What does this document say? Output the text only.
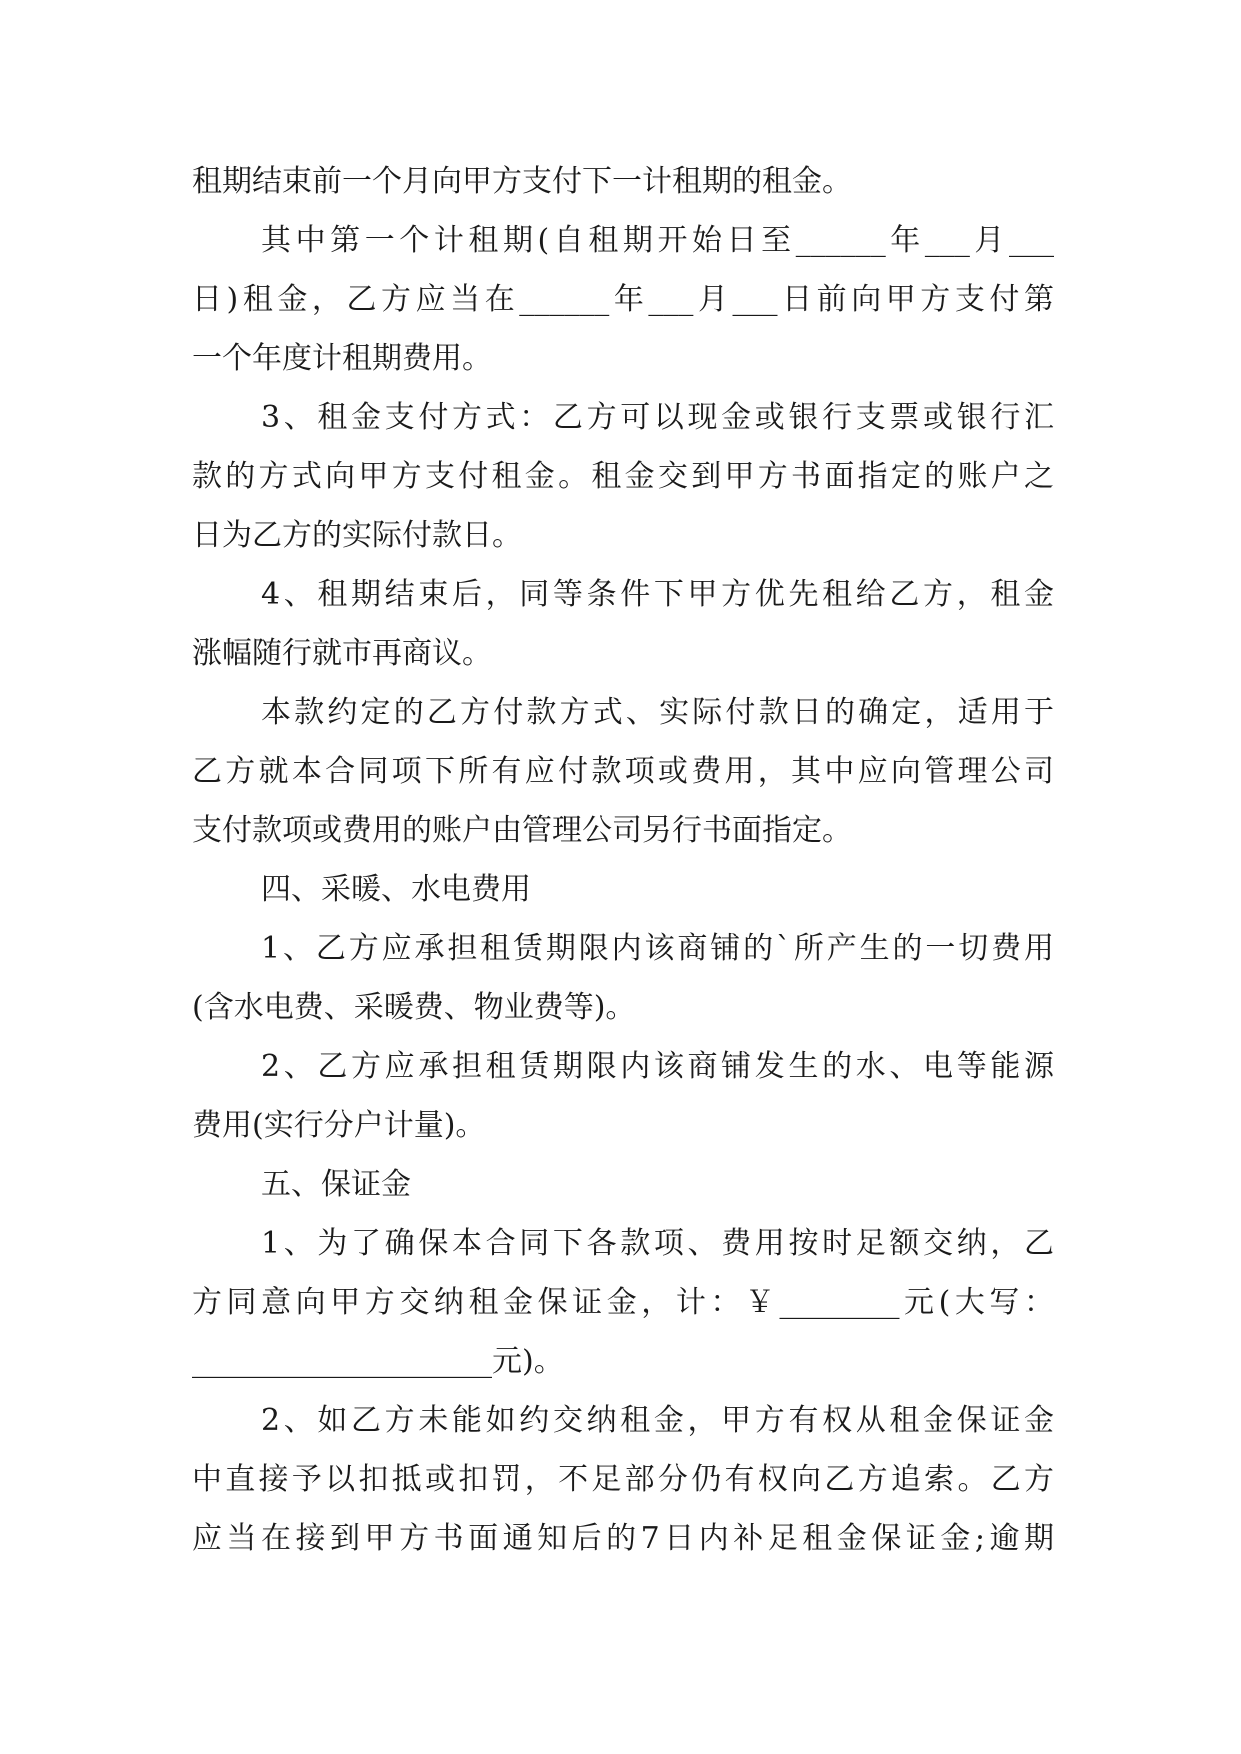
租期结束前一个月向甲方支付下一计租期的租金。
其中第一个计租期(自租期开始日至______年___月___
日)租金，乙方应当在______年___月___日前向甲方支付第
一个年度计租期费用。
3、租金支付方式：乙方可以现金或银行支票或银行汇
款的方式向甲方支付租金。租金交到甲方书面指定的账户之
日为乙方的实际付款日。
4、租期结束后，同等条件下甲方优先租给乙方，租金
涨幅随行就市再商议。
本款约定的乙方付款方式、实际付款日的确定，适用于
乙方就本合同项下所有应付款项或费用，其中应向管理公司
支付款项或费用的账户由管理公司另行书面指定。
四、采暖、水电费用
1、乙方应承担租赁期限内该商铺的`所产生的一切费用
(含水电费、采暖费、物业费等)。
2、乙方应承担租赁期限内该商铺发生的水、电等能源
费用(实行分户计量)。
五、保证金
1、为了确保本合同下各款项、费用按时足额交纳，乙
方同意向甲方交纳租金保证金，计：￥________元(大写：
____________________元)。
2、如乙方未能如约交纳租金，甲方有权从租金保证金
中直接予以扣抵或扣罚，不足部分仍有权向乙方追索。乙方
应当在接到甲方书面通知后的7日内补足租金保证金;逾期
